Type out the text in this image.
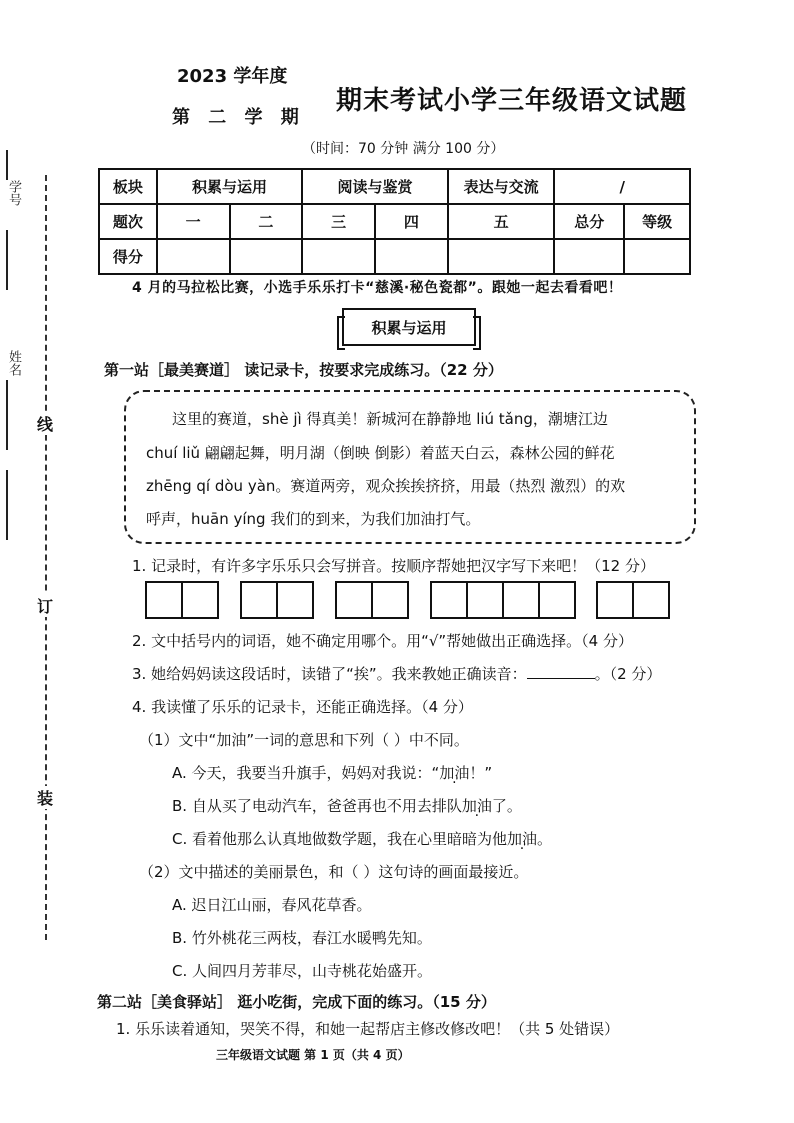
线
订
装
学号
姓名
2023 学年度
第 二 学 期
期末考试小学三年级语文试题
（时间：70 分钟 满分 100 分）
板块	积累与运用		阅读与鉴赏		表达与交流	/	
题次	一	二	三	四	五	总分	等级
得分							
4 月的马拉松比赛，小选手乐乐打卡“慈溪·秘色瓷都”。跟她一起去看看吧！
积累与运用
第一站［最美赛道］ 读记录卡，按要求完成练习。（22 分）
这里的赛道，shè jì 得真美！新城河在静静地 liú tǎng，潮塘江边
chuí liǔ 翩翩起舞，明月湖（倒映 倒影）着蓝天白云，森林公园的鲜花
zhēng qí dòu yàn。赛道两旁，观众挨挨挤挤，用最（热烈 激烈）的欢
呼声，huān yíng 我们的到来，为我们加油打气。
1. 记录时，有许多字乐乐只会写拼音。按顺序帮她把汉字写下来吧！（12 分）
2. 文中括号内的词语，她不确定用哪个。用“√”帮她做出正确选择。（4 分）
3. 她给妈妈读这段话时，读错了“挨”。我来教她正确读音：	。（2 分）
4. 我读懂了乐乐的记录卡，还能正确选择。（4 分）
（1）文中“加油”一词的意思和下列（ ）中不同。
A. 今天，我要当升旗手，妈妈对我说：“加油！”
B. 自从买了电动汽车，爸爸再也不用去排队加油了。
C. 看着他那么认真地做数学题，我在心里暗暗为他加油。
（2）文中描述的美丽景色，和（ ）这句诗的画面最接近。
A. 迟日江山丽，春风花草香。
B. 竹外桃花三两枝，春江水暖鸭先知。
C. 人间四月芳菲尽，山寺桃花始盛开。
第二站［美食驿站］ 逛小吃街，完成下面的练习。（15 分）
1. 乐乐读着通知，哭笑不得，和她一起帮店主修改修改吧！（共 5 处错误）
三年级语文试题 第 1 页（共 4 页）
